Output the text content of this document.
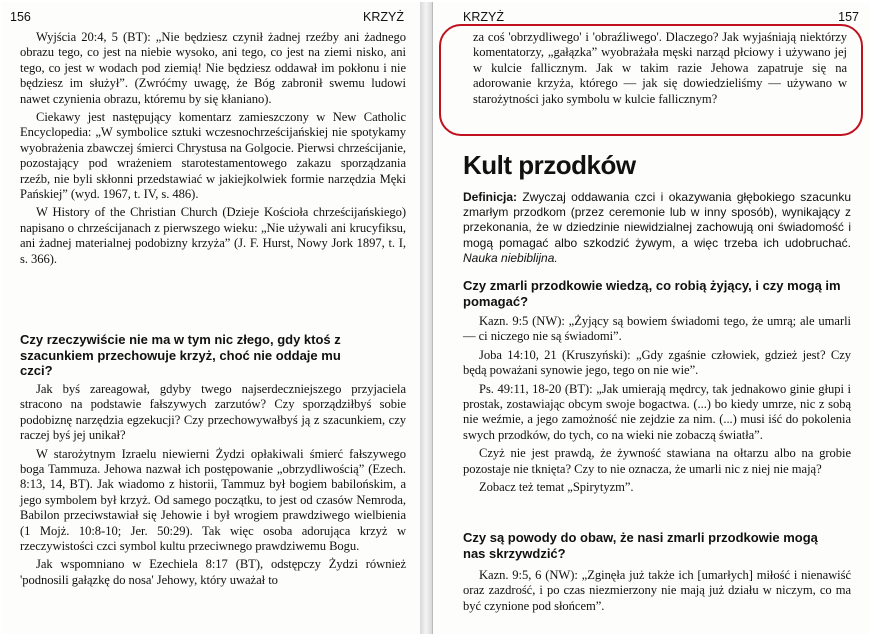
156	KRZYŻ

Wyjścia 20:4, 5 (BT): „Nie będziesz czynił żadnej rzeźby ani żadnego obrazu tego, co jest na niebie wysoko, ani tego, co jest na ziemi nisko, ani tego, co jest w wodach pod ziemią! Nie będziesz oddawał im pokłonu i nie będziesz im służył”. (Zwróćmy uwagę, że Bóg zabronił swemu ludowi nawet czynienia obrazu, któremu by się kłaniano).

Ciekawy jest następujący komentarz zamieszczony w New Catholic Encyclopedia: „W symbolice sztuki wczesnochrześcijańskiej nie spotykamy wyobrażenia zbawczej śmierci Chrystusa na Golgocie. Pierwsi chrześcijanie, pozostający pod wrażeniem starotestamentowego zakazu sporządzania rzeźb, nie byli skłonni przedstawiać w jakiejkolwiek formie narzędzia Męki Pańskiej” (wyd. 1967, t. IV, s. 486).

W History of the Christian Church (Dzieje Kościoła chrześcijańskiego) napisano o chrześcijanach z pierwszego wieku: „Nie używali ani krucyfiksu, ani żadnej materialnej podobizny krzyża” (J. F. Hurst, Nowy Jork 1897, t. I, s. 366).

Czy rzeczywiście nie ma w tym nic złego, gdy ktoś z szacunkiem przechowuje krzyż, choć nie oddaje mu czci?

Jak byś zareagował, gdyby twego najserdeczniejszego przyjaciela stracono na podstawie fałszywych zarzutów? Czy sporządziłbyś sobie podobiznę narzędzia egzekucji? Czy przechowywałbyś ją z szacunkiem, czy raczej byś jej unikał?

W starożytnym Izraelu niewierni Żydzi opłakiwali śmierć fałszywego boga Tammuza. Jehowa nazwał ich postępowanie „obrzydliwością” (Ezech. 8:13, 14, BT). Jak wiadomo z historii, Tammuz był bogiem babilońskim, a jego symbolem był krzyż. Od samego początku, to jest od czasów Nemroda, Babilon przeciwstawiał się Jehowie i był wrogiem prawdziwego wielbienia (1 Mojż. 10:8-10; Jer. 50:29). Tak więc osoba adorująca krzyż w rzeczywistości czci symbol kultu przeciwnego prawdziwemu Bogu.

Jak wspomniano w Ezechiela 8:17 (BT), odstępczy Żydzi również 'podnosili gałązkę do nosa' Jehowy, który uważał to

KRZYŻ	157

za coś 'obrzydliwego' i 'obraźliwego'. Dlaczego? Jak wyjaśniają niektórzy komentatorzy, „gałązka” wyobrażała męski narząd płciowy i używano jej w kulcie fallicznym. Jak w takim razie Jehowa zapatruje się na adorowanie krzyża, którego — jak się dowiedzieliśmy — używano w starożytności jako symbolu w kulcie fallicznym?

Kult przodków
Definicja: Zwyczaj oddawania czci i okazywania głębokiego szacunku zmarłym przodkom (przez ceremonie lub w inny sposób), wynikający z przekonania, że w dziedzinie niewidzialnej zachowują oni świadomość i mogą pomagać albo szkodzić żywym, a więc trzeba ich udobruchać. Nauka niebiblijna.
Czy zmarli przodkowie wiedzą, co robią żyjący, i czy mogą im pomagać?

Kazn. 9:5 (NW): „Żyjący są bowiem świadomi tego, że umrą; ale umarli — ci niczego nie są świadomi”.

Joba 14:10, 21 (Kruszyński): „Gdy zgaśnie człowiek, gdzież jest? Czy będą poważani synowie jego, tego on nie wie”.

Ps. 49:11, 18-20 (BT): „Jak umierają mędrcy, tak jednakowo ginie głupi i prostak, zostawiając obcym swoje bogactwa. (...) bo kiedy umrze, nic z sobą nie weźmie, a jego zamożność nie zejdzie za nim. (...) musi iść do pokolenia swych przodków, do tych, co na wieki nie zobaczą światła”.

Czyż nie jest prawdą, że żywność stawiana na ołtarzu albo na grobie pozostaje nie tknięta? Czy to nie oznacza, że umarli nic z niej nie mają?

Zobacz też temat „Spirytyzm”.

Czy są powody do obaw, że nasi zmarli przodkowie mogą nas skrzywdzić?

Kazn. 9:5, 6 (NW): „Zginęła już także ich [umarłych] miłość i nienawiść oraz zazdrość, i po czas niezmierzony nie mają już działu w niczym, co ma być czynione pod słońcem”.
